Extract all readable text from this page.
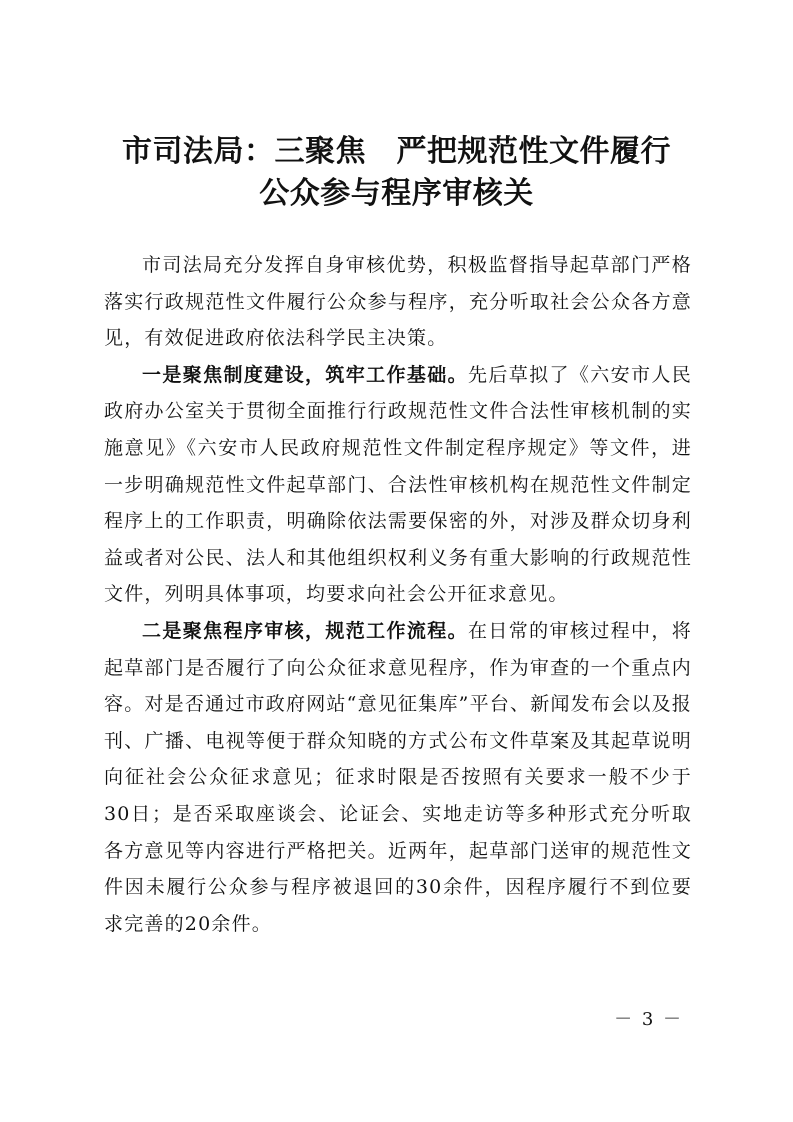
市司法局：三聚焦　严把规范性文件履行
公众参与程序审核关

市司法局充分发挥自身审核优势，积极监督指导起草部门严格落实行政规范性文件履行公众参与程序，充分听取社会公众各方意见，有效促进政府依法科学民主决策。

一是聚焦制度建设，筑牢工作基础。先后草拟了《六安市人民政府办公室关于贯彻全面推行行政规范性文件合法性审核机制的实施意见》《六安市人民政府规范性文件制定程序规定》等文件，进一步明确规范性文件起草部门、合法性审核机构在规范性文件制定程序上的工作职责，明确除依法需要保密的外，对涉及群众切身利益或者对公民、法人和其他组织权利义务有重大影响的行政规范性文件，列明具体事项，均要求向社会公开征求意见。

二是聚焦程序审核，规范工作流程。在日常的审核过程中，将起草部门是否履行了向公众征求意见程序，作为审查的一个重点内容。对是否通过市政府网站“意见征集库”平台、新闻发布会以及报刊、广播、电视等便于群众知晓的方式公布文件草案及其起草说明向征社会公众征求意见；征求时限是否按照有关要求一般不少于30日；是否采取座谈会、论证会、实地走访等多种形式充分听取各方意见等内容进行严格把关。近两年，起草部门送审的规范性文件因未履行公众参与程序被退回的30余件，因程序履行不到位要求完善的20余件。

－ 3 －
